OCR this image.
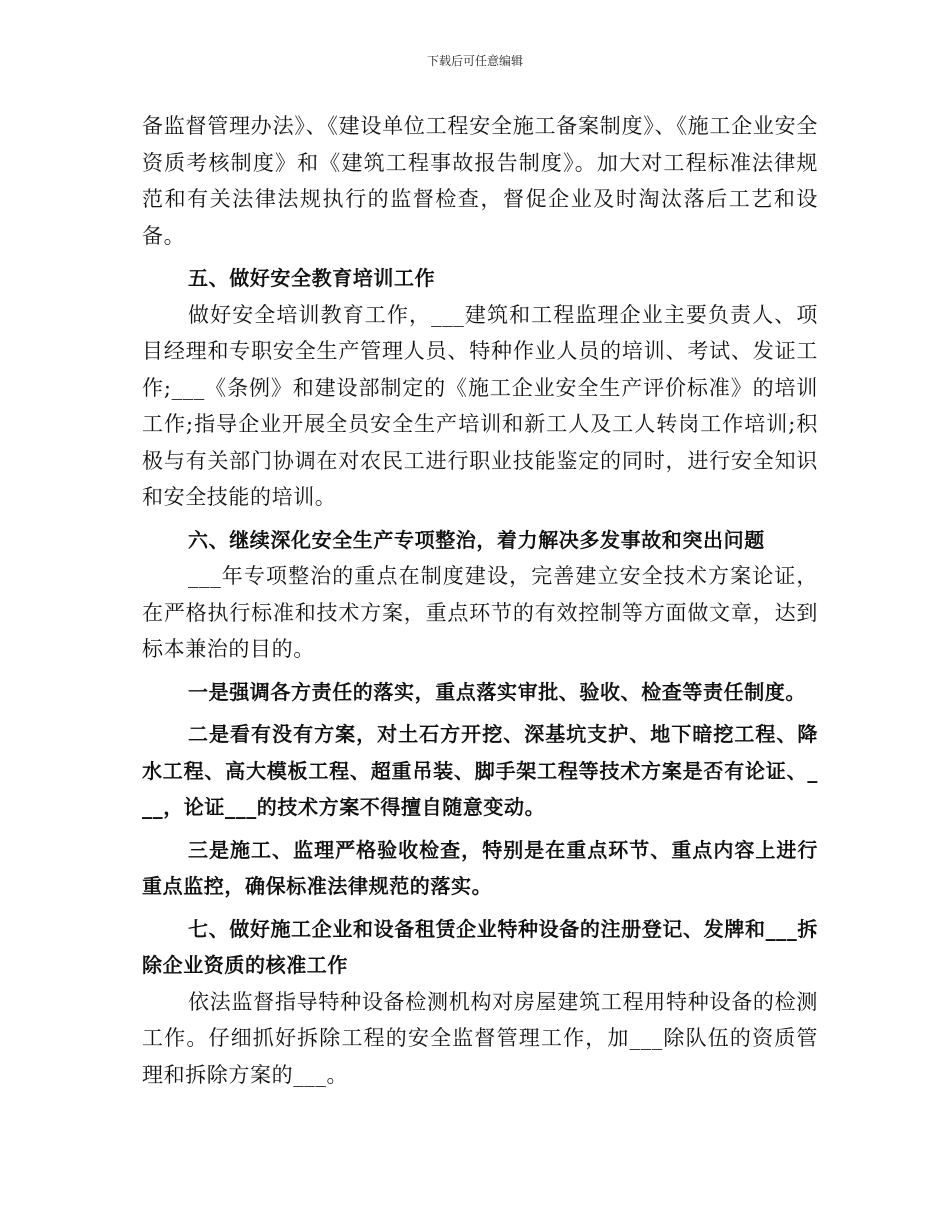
下载后可任意编辑

备监督管理办法》、《建设单位工程安全施工备案制度》、《施工企业安全资质考核制度》和《建筑工程事故报告制度》。加大对工程标准法律规范和有关法律法规执行的监督检查，督促企业及时淘汰落后工艺和设备。

五、做好安全教育培训工作

做好安全培训教育工作，___建筑和工程监理企业主要负责人、项目经理和专职安全生产管理人员、特种作业人员的培训、考试、发证工作;___《条例》和建设部制定的《施工企业安全生产评价标准》的培训工作;指导企业开展全员安全生产培训和新工人及工人转岗工作培训;积极与有关部门协调在对农民工进行职业技能鉴定的同时，进行安全知识和安全技能的培训。

六、继续深化安全生产专项整治，着力解决多发事故和突出问题

___年专项整治的重点在制度建设，完善建立安全技术方案论证，在严格执行标准和技术方案，重点环节的有效控制等方面做文章，达到标本兼治的目的。

一是强调各方责任的落实，重点落实审批、验收、检查等责任制度。

二是看有没有方案，对土石方开挖、深基坑支护、地下暗挖工程、降水工程、高大模板工程、超重吊装、脚手架工程等技术方案是否有论证、___，论证___的技术方案不得擅自随意变动。

三是施工、监理严格验收检查，特别是在重点环节、重点内容上进行重点监控，确保标准法律规范的落实。

七、做好施工企业和设备租赁企业特种设备的注册登记、发牌和___拆除企业资质的核准工作

依法监督指导特种设备检测机构对房屋建筑工程用特种设备的检测工作。仔细抓好拆除工程的安全监督管理工作，加___除队伍的资质管理和拆除方案的___。
